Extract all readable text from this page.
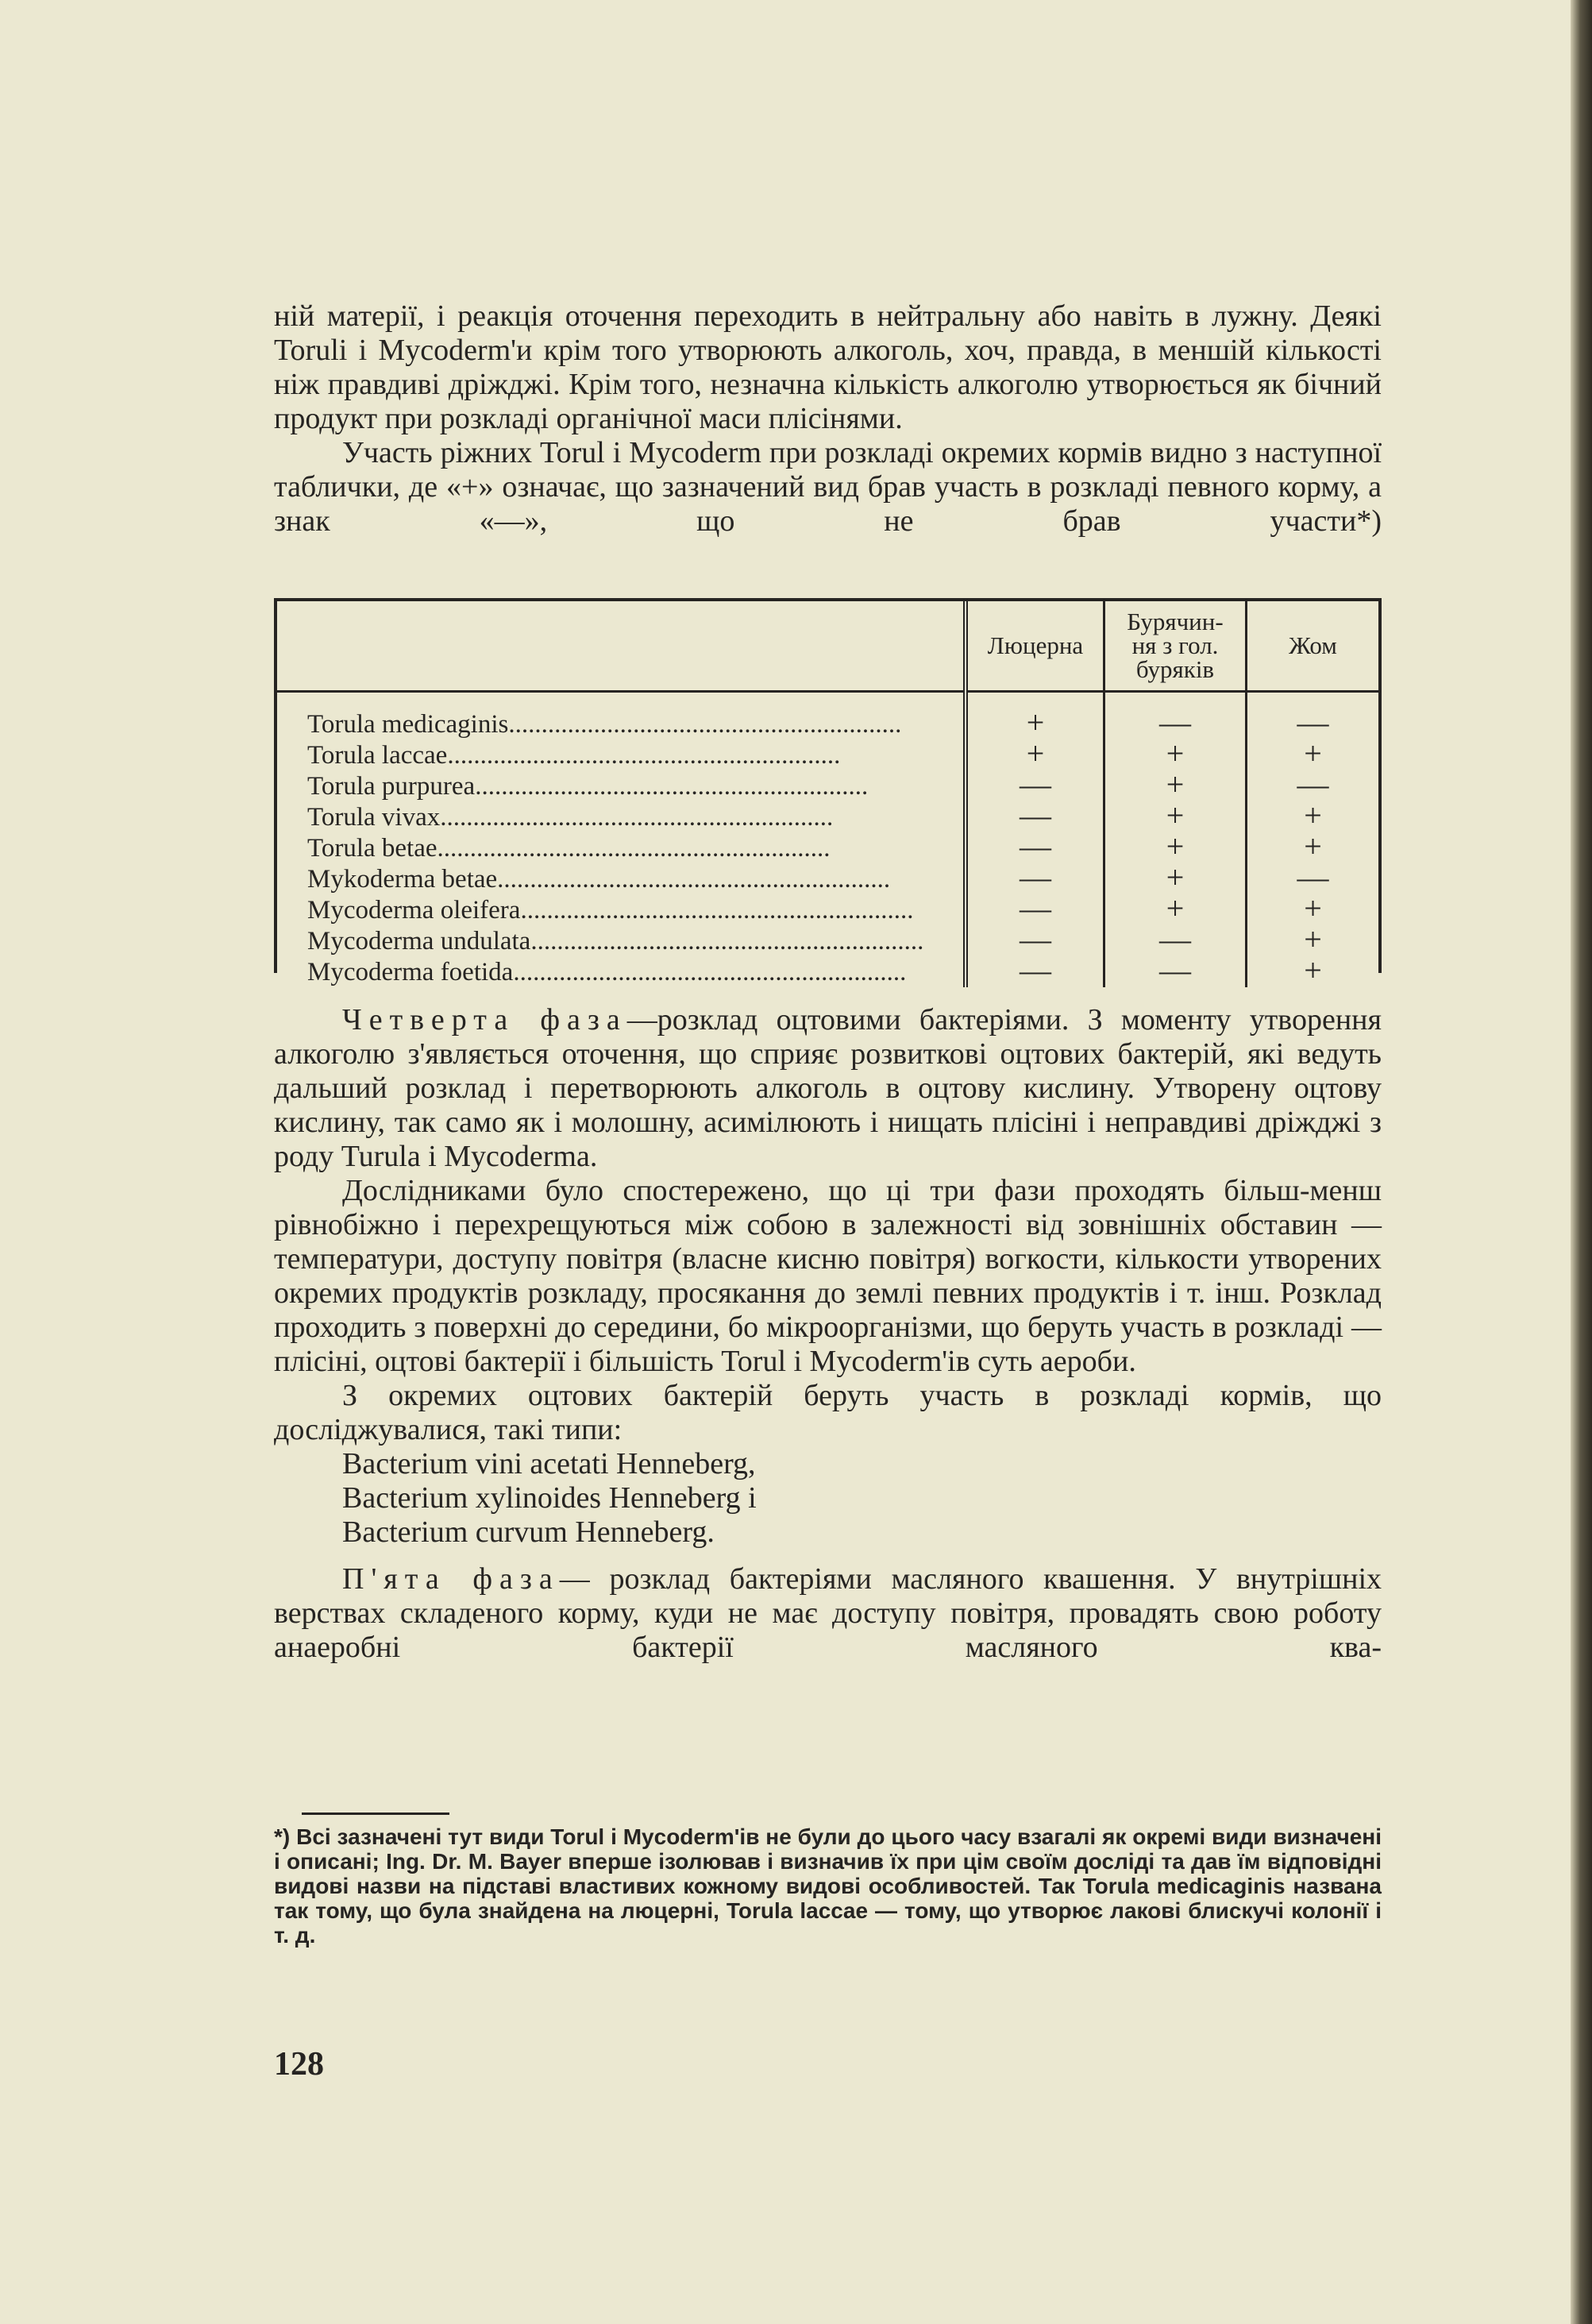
ній матерії, і реакція оточення переходить в нейтральну або навіть в лужну. Деякі Toruli і Mycoderm'и крім того утворюють алкоголь, хоч, правда, в меншій кількості ніж правдиві дріжджі. Крім того, незначна кількість алкоголю утворюється як бічний продукт при розкладі органічної маси плісінями.

Участь ріжних Torul і Mycoderm при розкладі окремих кормів видно з наступної таблички, де «+» означає, що зазначений вид брав участь в розкладі певного корму, а знак «—», що не брав участи*)

	Люцерна	Бурячин-
ня з гол.
буряків	Жом
Torula medicaginis............................................................	+	—	—
Torula laccae............................................................	+	+	+
Torula purpurea............................................................	—	+	—
Torula vivax............................................................	—	+	+
Torula betae............................................................	—	+	+
Mykoderma betae............................................................	—	+	—
Mycoderma oleifera............................................................	—	+	+
Mycoderma undulata............................................................	—	—	+
Mycoderma foetida............................................................	—	—	+

Четверта фаза—розклад оцтовими бактеріями. З моменту утворення алкоголю з'являється оточення, що сприяє розвиткові оцтових бактерій, які ведуть дальший розклад і перетворюють алкоголь в оцтову кислину. Утворену оцтову кислину, так само як і молошну, асимілюють і нищать плісіні і неправдиві дріжджі з роду Turula і Mycoderma.

Дослідниками було спостережено, що ці три фази проходять більш-менш рівнобіжно і перехрещуються між собою в залежності від зовнішніх обставин — температури, доступу повітря (власне кисню повітря) вогкости, кількости утворених окремих продуктів розкладу, просякання до землі певних продуктів і т. інш. Розклад проходить з поверхні до середини, бо мікроорганізми, що беруть участь в розкладі — плісіні, оцтові бактерії і більшість Torul і Mycoderm'ів суть аероби.

З окремих оцтових бактерій беруть участь в розкладі кормів, що досліджувалися, такі типи:

Bacterium vini acetati Henneberg,
Bacterium xylinoides Henneberg і
Bacterium curvum Henneberg.

П'ята фаза— розклад бактеріями масляного квашення. У внутрішніх верствах складеного корму, куди не має доступу повітря, провадять свою роботу анаеробні бактерії масляного ква-

*) Всі зазначені тут види Torul і Mycoderm'ів не були до цього часу взагалі як окремі види визначені і описані; Ing. Dr. M. Bayer вперше ізолював і визначив їх при цім своїм досліді та дав їм відповідні видові назви на підставі властивих кожному видові особливостей. Так Torula medicaginis названа так тому, що була знайдена на люцерні, Torula laccae — тому, що утворює лакові блискучі колонії і т. д.

128
